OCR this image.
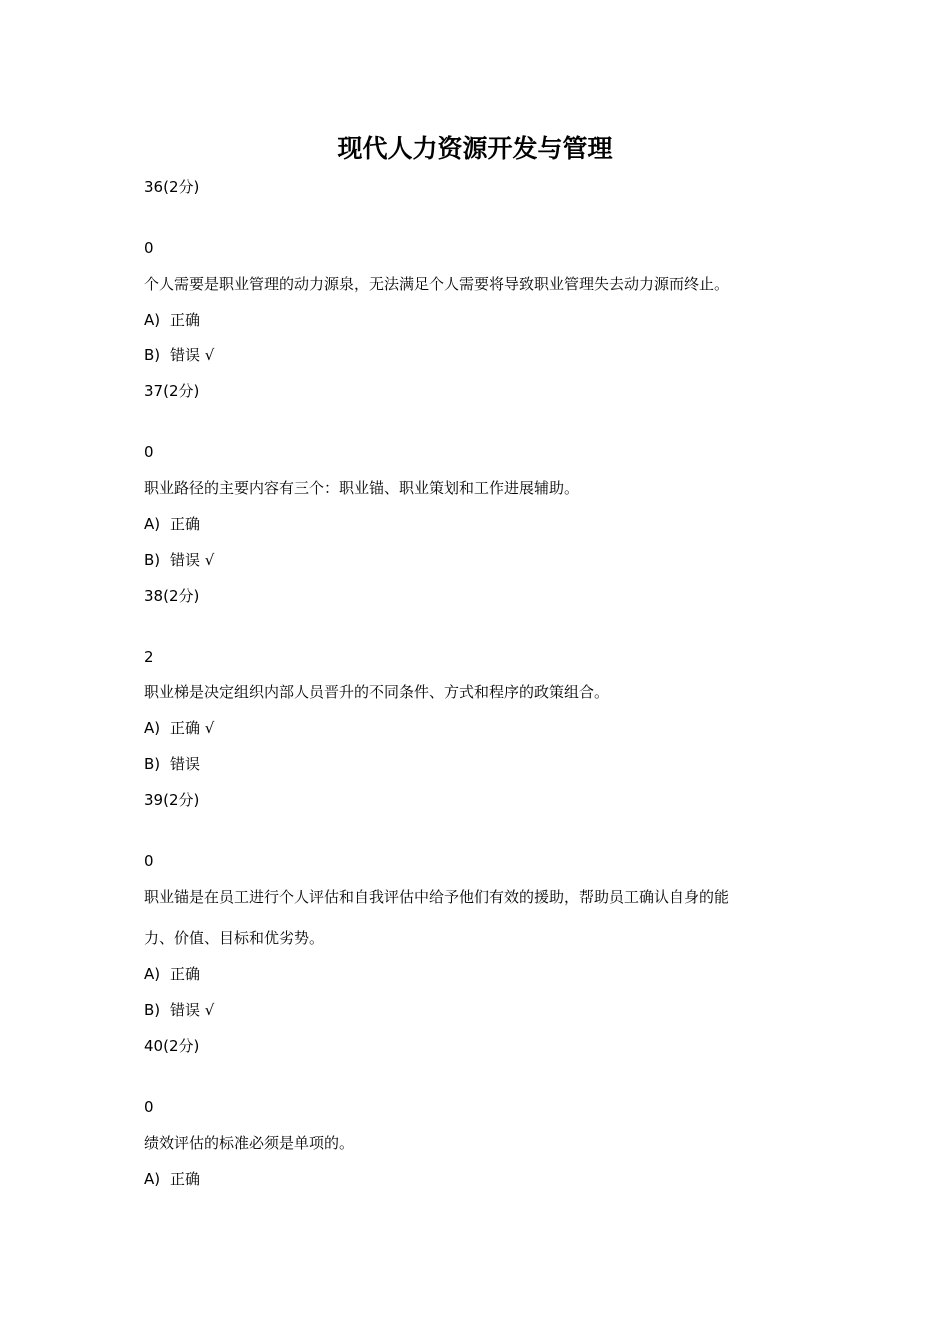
现代人力资源开发与管理
36(2分)
0
个人需要是职业管理的动力源泉，无法满足个人需要将导致职业管理失去动力源而终止。
A) 正确
B) 错误 √
37(2分)
0
职业路径的主要内容有三个：职业锚、职业策划和工作进展辅助。
A) 正确
B) 错误 √
38(2分)
2
职业梯是决定组织内部人员晋升的不同条件、方式和程序的政策组合。
A) 正确 √
B) 错误
39(2分)
0
职业锚是在员工进行个人评估和自我评估中给予他们有效的援助，帮助员工确认自身的能
力、价值、目标和优劣势。
A) 正确
B) 错误 √
40(2分)
0
绩效评估的标准必须是单项的。
A) 正确
